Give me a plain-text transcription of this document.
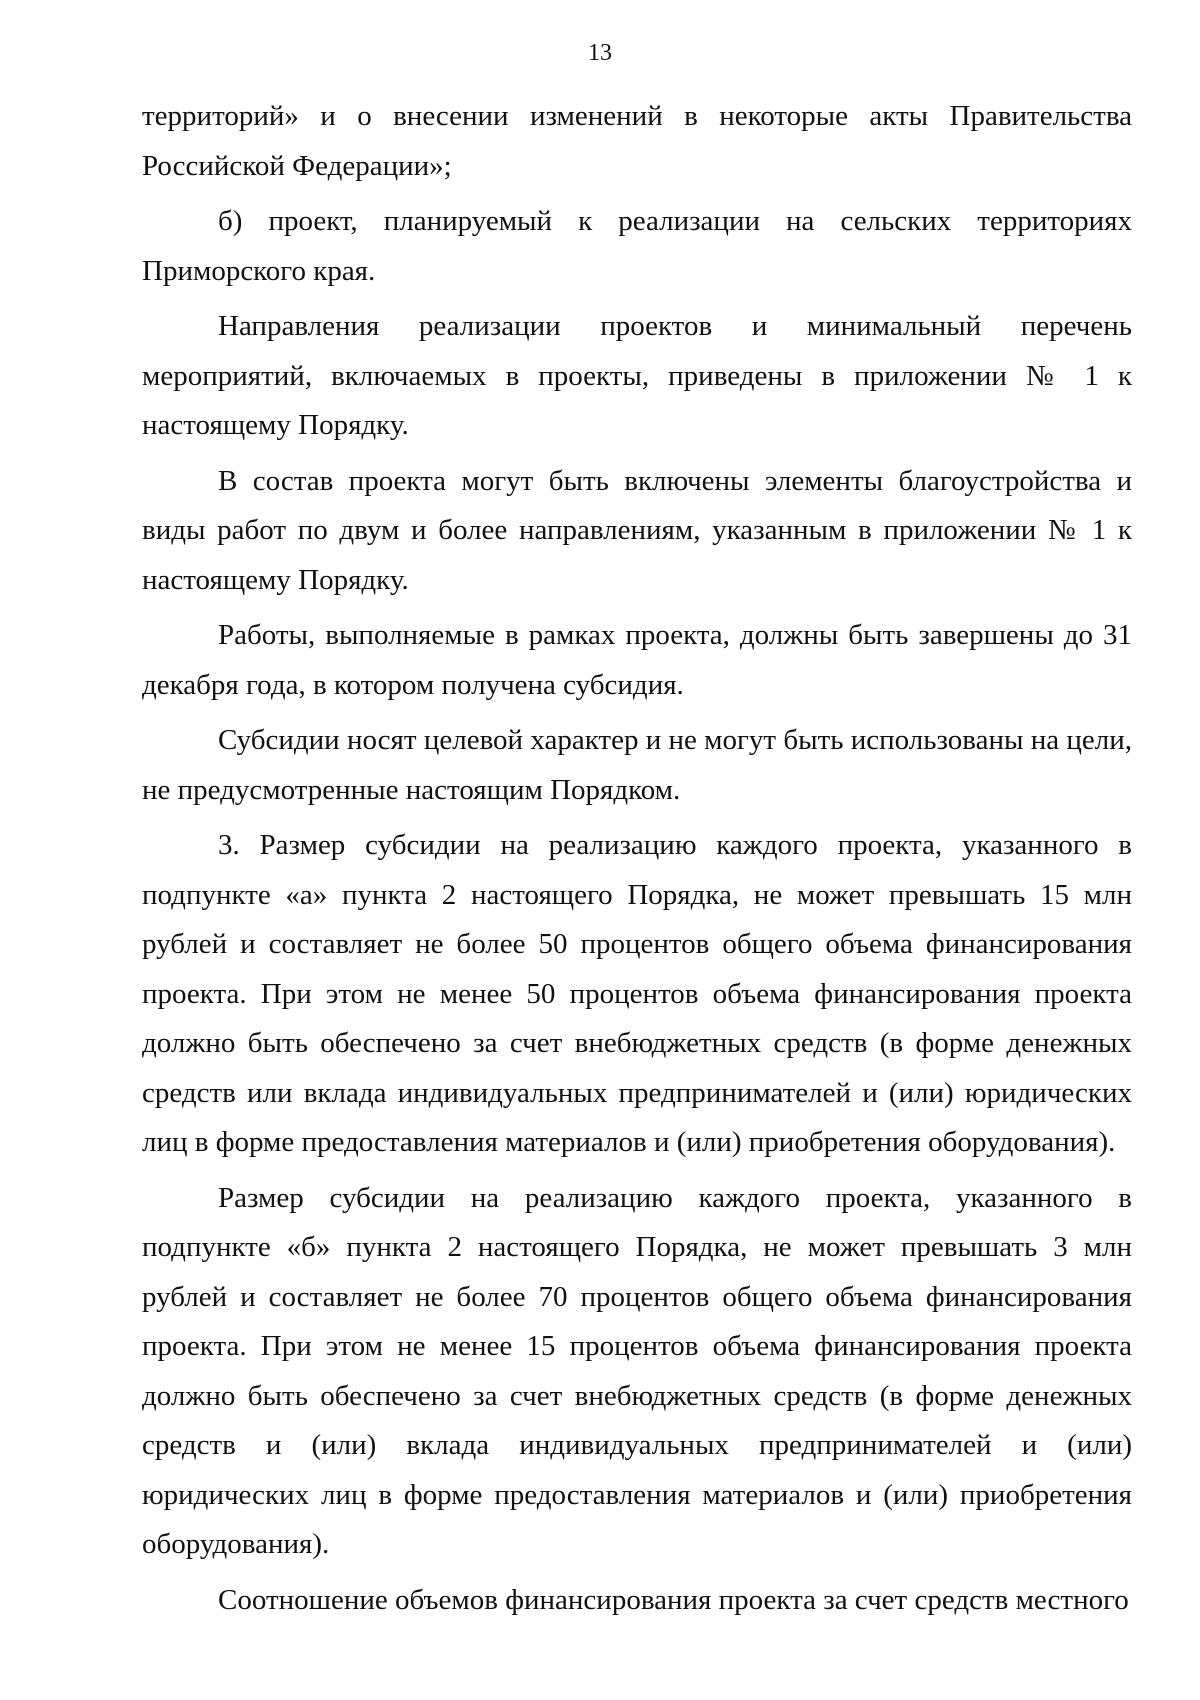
13

территорий» и о внесении изменений в некоторые акты Правительства Российской Федерации»;

б) проект, планируемый к реализации на сельских территориях Приморского края.

Направления реализации проектов и минимальный перечень мероприятий, включаемых в проекты, приведены в приложении № 1 к настоящему Порядку.

В состав проекта могут быть включены элементы благоустройства и виды работ по двум и более направлениям, указанным в приложении № 1 к настоящему Порядку.

Работы, выполняемые в рамках проекта, должны быть завершены до 31 декабря года, в котором получена субсидия.

Субсидии носят целевой характер и не могут быть использованы на цели, не предусмотренные настоящим Порядком.

3. Размер субсидии на реализацию каждого проекта, указанного в подпункте «а» пункта 2 настоящего Порядка, не может превышать 15 млн рублей и составляет не более 50 процентов общего объема финансирования проекта. При этом не менее 50 процентов объема финансирования проекта должно быть обеспечено за счет внебюджетных средств (в форме денежных средств или вклада индивидуальных предпринимателей и (или) юридических лиц в форме предоставления материалов и (или) приобретения оборудования).

Размер субсидии на реализацию каждого проекта, указанного в подпункте «б» пункта 2 настоящего Порядка, не может превышать 3 млн рублей и составляет не более 70 процентов общего объема финансирования проекта. При этом не менее 15 процентов объема финансирования проекта должно быть обеспечено за счет внебюджетных средств (в форме денежных средств и (или) вклада индивидуальных предпринимателей и (или) юридических лиц в форме предоставления материалов и (или) приобретения оборудования).

Соотношение объемов финансирования проекта за счет средств местного
